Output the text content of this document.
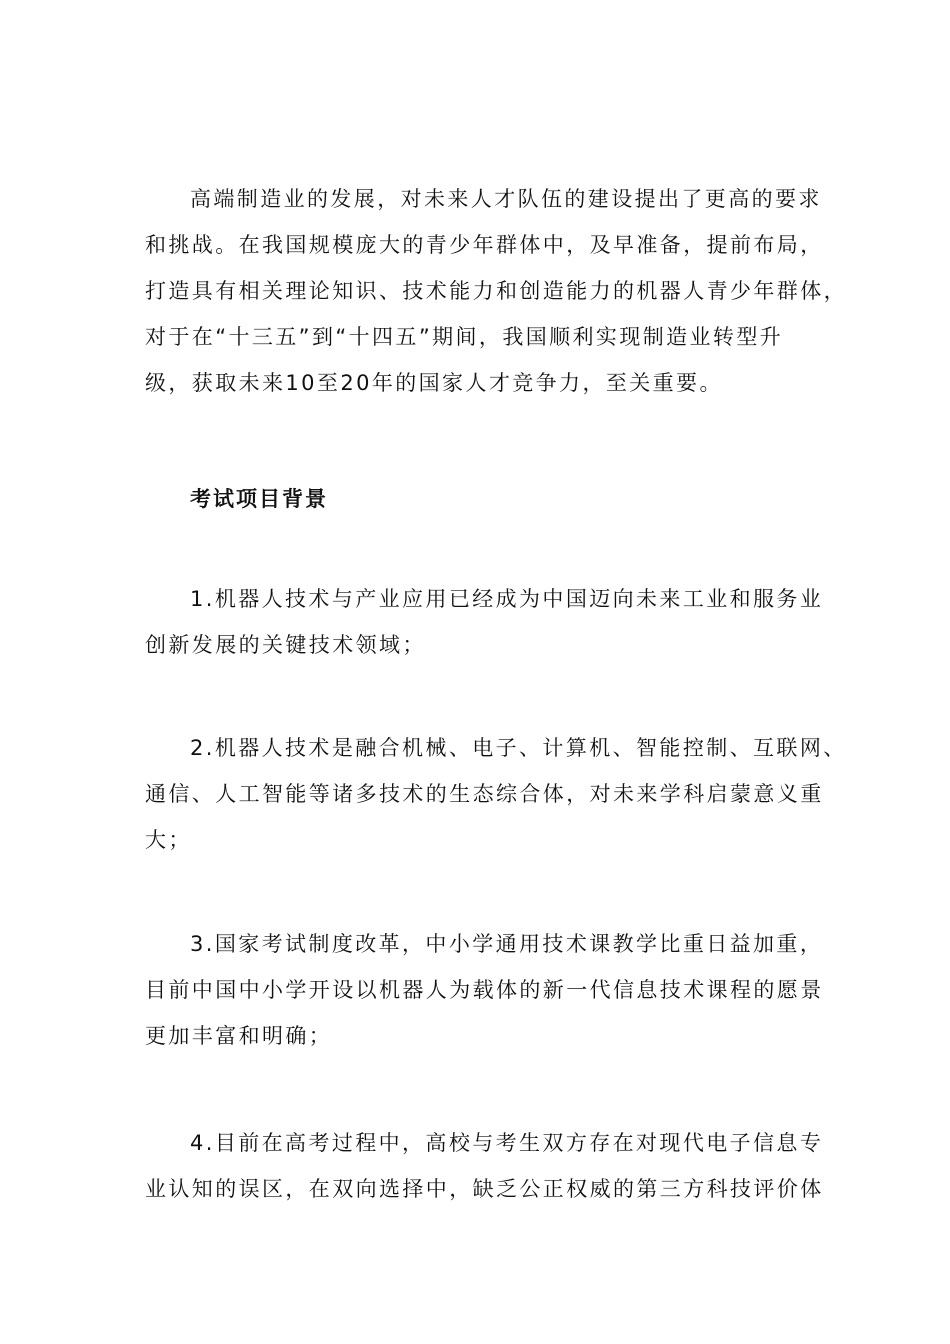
高端制造业的发展，对未来人才队伍的建设提出了更高的要求
和挑战。在我国规模庞大的青少年群体中，及早准备，提前布局，
打造具有相关理论知识、技术能力和创造能力的机器人青少年群体，
对于在“十三五”到“十四五”期间，我国顺利实现制造业转型升
级，获取未来10至20年的国家人才竞争力，至关重要。
考试项目背景
1.机器人技术与产业应用已经成为中国迈向未来工业和服务业
创新发展的关键技术领域；
2.机器人技术是融合机械、电子、计算机、智能控制、互联网、
通信、人工智能等诸多技术的生态综合体，对未来学科启蒙意义重
大；
3.国家考试制度改革，中小学通用技术课教学比重日益加重，
目前中国中小学开设以机器人为载体的新一代信息技术课程的愿景
更加丰富和明确；
4.目前在高考过程中，高校与考生双方存在对现代电子信息专
业认知的误区，在双向选择中，缺乏公正权威的第三方科技评价体
